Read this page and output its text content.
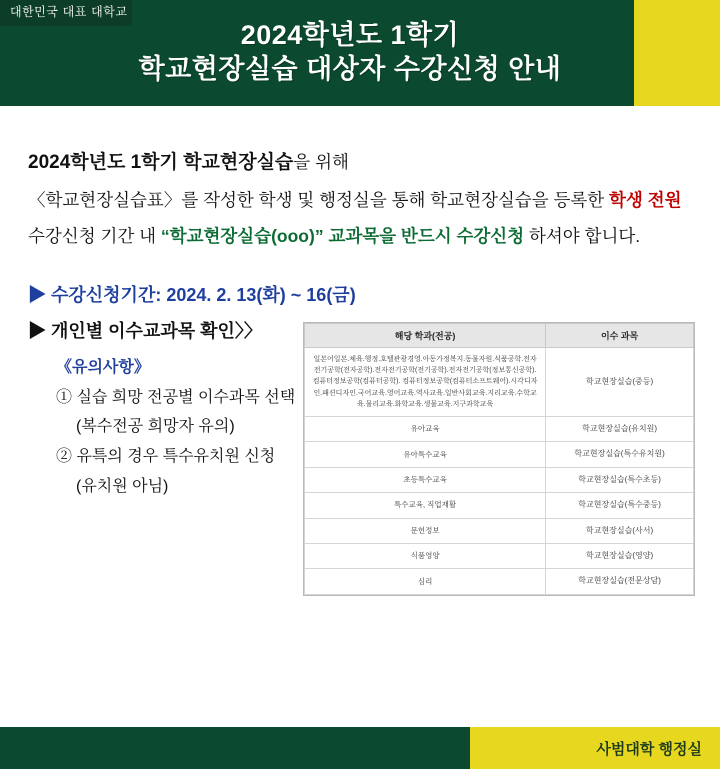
대한민국 대표 대학교
2024학년도 1학기
학교현장실습 대상자 수강신청 안내

2024학년도 1학기 학교현장실습을 위해

〈학교현장실습표〉를 작성한 학생 및 행정실을 통해 학교현장실습을 등록한 학생 전원

수강신청 기간 내 “학교현장실습(ooo)” 교과목을 반드시 수강신청 하셔야 합니다.

▶ 수강신청기간: 2024. 2. 13(화) ~ 16(금)
▶ 개인별 이수교과목 확인〉〉
《유의사항》
① 실습 희망 전공별 이수과목 선택
(복수전공 희망자 유의)
② 유특의 경우 특수유치원 신청
(유치원 아님)
해당 학과(전공)	이수 과목
일본어일본.체육.행정.호텔관광경영.아동가정복지.동물자원.식품공학.전자전기공학(전자공학).전자전기공학(전기공학).전자전기공학(정보통신공학).컴퓨터정보공학(컴퓨터공학). 컴퓨터정보공학(컴퓨터소프트웨어).시각디자인.패션디자인.국어교육.영어교육.역사교육.일반사회교육.지리교육.수학교육.물리교육.화학교육.생물교육.지구과학교육	학교현장실습(중등)
유아교육	학교현장실습(유치원)
유아특수교육	학교현장실습(특수유치원)
초등특수교육	학교현장실습(특수초등)
특수교육, 직업재활	학교현장실습(특수중등)
문헌정보	학교현장실습(사서)
식품영양	학교현장실습(영양)
심리	학교현장실습(전문상담)
사범대학 행정실
